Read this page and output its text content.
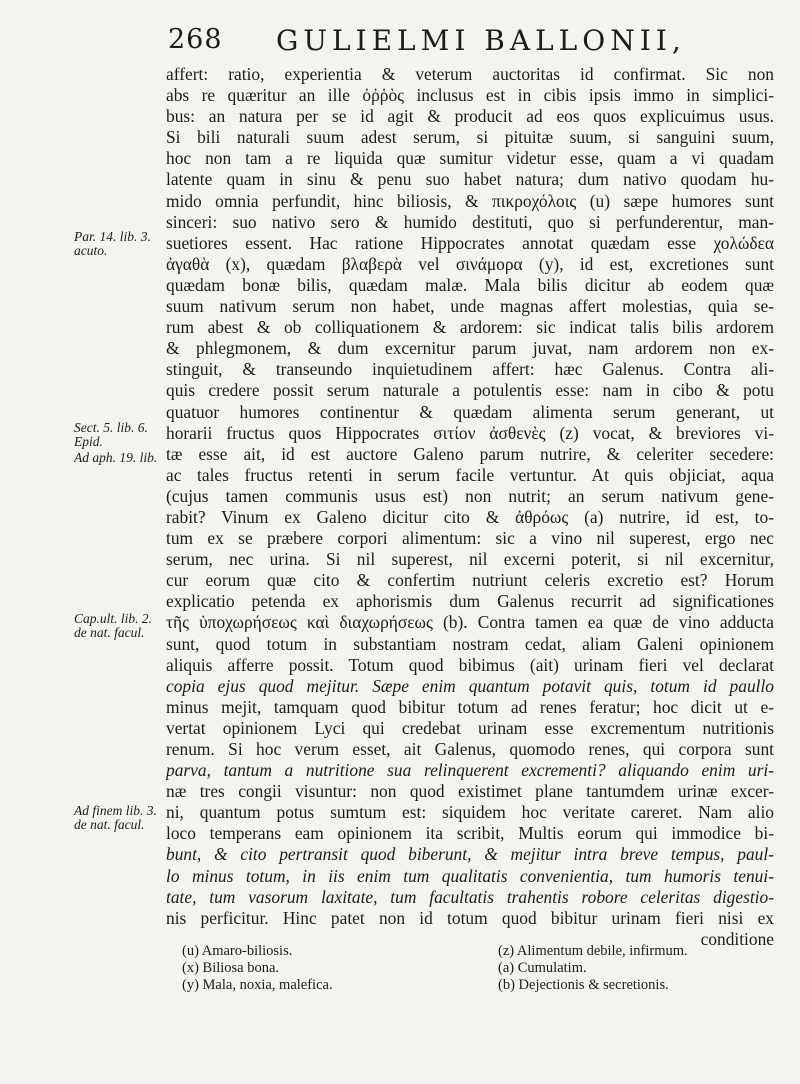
268 GULIELMI BALLONII,
Par. 14. lib. 3. acuto.
Sect. 5. lib. 6. Epid.
Ad aph. 19. lib.
Cap.ult. lib. 2. de nat. facul.
Ad finem lib. 3. de nat. facul.
affert: ratio, experientia & veterum auctoritas id confirmat. Sic non
abs re quæritur an ille ὀῤῥὸς inclusus est in cibis ipsis immo in simplici-
bus: an natura per se id agit & producit ad eos quos explicuimus usus.
Si bili naturali suum adest serum, si pituitæ suum, si sanguini suum,
hoc non tam a re liquida quæ sumitur videtur esse, quam a vi quadam
latente quam in sinu & penu suo habet natura; dum nativo quodam hu-
mido omnia perfundit, hinc biliosis, & πικροχόλοις (u) sæpe humores sunt
sinceri: suo nativo sero & humido destituti, quo si perfunderentur, man-
suetiores essent. Hac ratione Hippocrates annotat quædam esse χολώδεα
ἀγαθὰ (x), quædam βλαβερὰ vel σινάμορα (y), id est, excretiones sunt
quædam bonæ bilis, quædam malæ. Mala bilis dicitur ab eodem quæ
suum nativum serum non habet, unde magnas affert molestias, quia se-
rum abest & ob colliquationem & ardorem: sic indicat talis bilis ardorem
& phlegmonem, & dum excernitur parum juvat, nam ardorem non ex-
stinguit, & transeundo inquietudinem affert: hæc Galenus. Contra ali-
quis credere possit serum naturale a potulentis esse: nam in cibo & potu
quatuor humores continentur & quædam alimenta serum generant, ut
horarii fructus quos Hippocrates σιτίον ἀσθενὲς (z) vocat, & breviores vi-
tæ esse ait, id est auctore Galeno parum nutrire, & celeriter secedere:
ac tales fructus retenti in serum facile vertuntur. At quis objiciat, aqua
(cujus tamen communis usus est) non nutrit; an serum nativum gene-
rabit? Vinum ex Galeno dicitur cito & ἀθρόως (a) nutrire, id est, to-
tum ex se præbere corpori alimentum: sic a vino nil superest, ergo nec
serum, nec urina. Si nil superest, nil excerni poterit, si nil excernitur,
cur eorum quæ cito & confertim nutriunt celeris excretio est? Horum
explicatio petenda ex aphorismis dum Galenus recurrit ad significationes
τῆς ὑποχωρήσεως καὶ διαχωρήσεως (b). Contra tamen ea quæ de vino adducta
sunt, quod totum in substantiam nostram cedat, aliam Galeni opinionem
aliquis afferre possit. Totum quod bibimus (ait) urinam fieri vel declarat
copia ejus quod mejitur. Sæpe enim quantum potavit quis, totum id paullo
minus mejit, tamquam quod bibitur totum ad renes feratur; hoc dicit ut e-
vertat opinionem Lyci qui credebat urinam esse excrementum nutritionis
renum. Si hoc verum esset, ait Galenus, quomodo renes, qui corpora sunt
parva, tantum a nutritione sua relinquerent excrementi? aliquando enim uri-
næ tres congii visuntur: non quod existimet plane tantumdem urinæ excer-
ni, quantum potus sumtum est: siquidem hoc veritate careret. Nam alio
loco temperans eam opinionem ita scribit, Multis eorum qui immodice bi-
bunt, & cito pertransit quod biberunt, & mejitur intra breve tempus, paul-
lo minus totum, in iis enim tum qualitatis convenientia, tum humoris tenui-
tate, tum vasorum laxitate, tum facultatis trahentis robore celeritas digestio-
nis perficitur. Hinc patet non id totum quod bibitur urinam fieri nisi ex
conditione
(u) Amaro-biliosis.
(x) Biliosa bona.
(y) Mala, noxia, malefica.
(z) Alimentum debile, infirmum.
(a) Cumulatim.
(b) Dejectionis & secretionis.
